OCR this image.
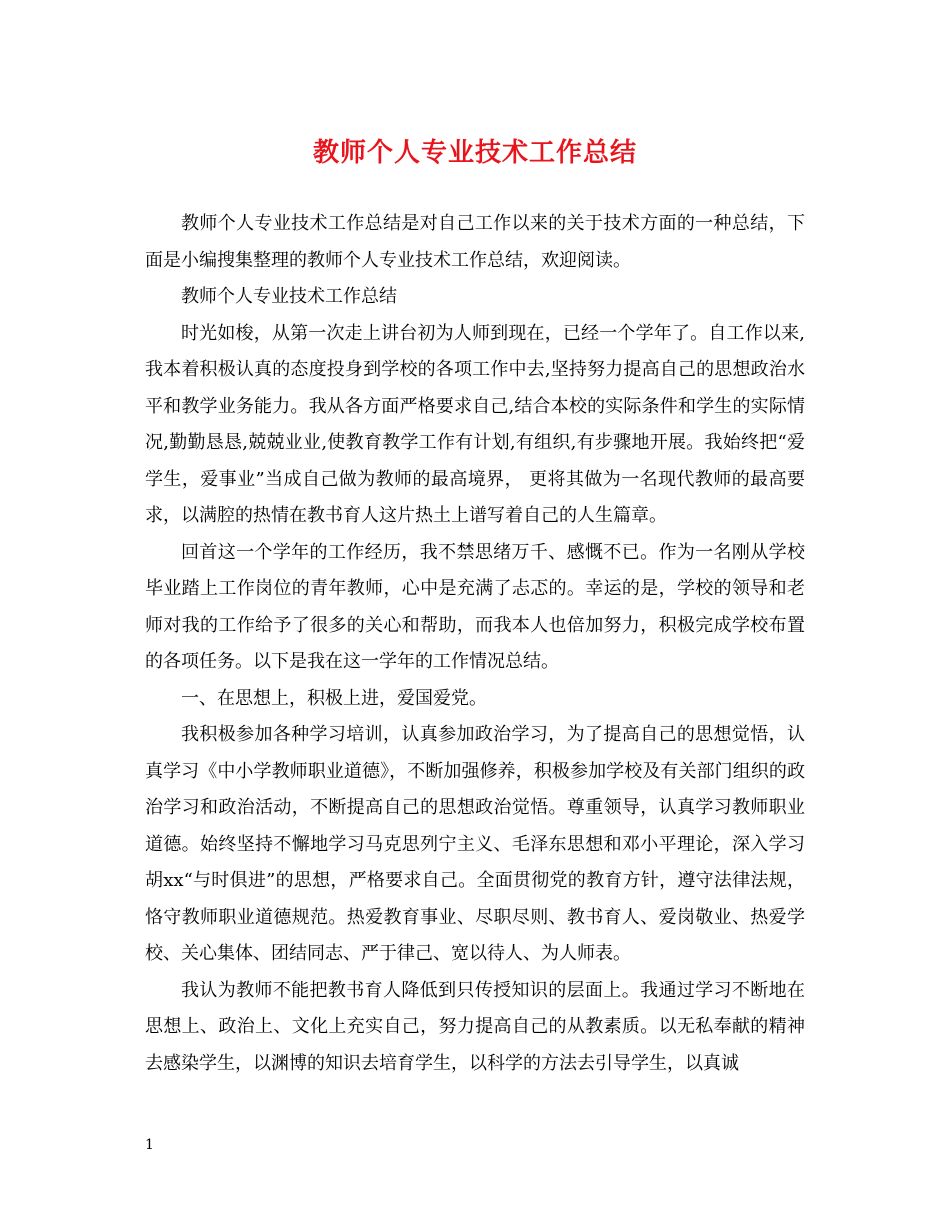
教师个人专业技术工作总结

教师个人专业技术工作总结是对自己工作以来的关于技术方面的一种总结，下面是小编搜集整理的教师个人专业技术工作总结，欢迎阅读。

教师个人专业技术工作总结

时光如梭，从第一次走上讲台初为人师到现在，已经一个学年了。自工作以来,我本着积极认真的态度投身到学校的各项工作中去,坚持努力提高自己的思想政治水平和教学业务能力。我从各方面严格要求自己,结合本校的实际条件和学生的实际情况,勤勤恳恳,兢兢业业,使教育教学工作有计划,有组织,有步骤地开展。我始终把“爱学生，爱事业”当成自己做为教师的最高境界， 更将其做为一名现代教师的最高要求，以满腔的热情在教书育人这片热土上谱写着自己的人生篇章。

回首这一个学年的工作经历，我不禁思绪万千、感慨不已。作为一名刚从学校毕业踏上工作岗位的青年教师，心中是充满了忐忑的。幸运的是，学校的领导和老师对我的工作给予了很多的关心和帮助，而我本人也倍加努力，积极完成学校布置的各项任务。以下是我在这一学年的工作情况总结。

一、在思想上，积极上进，爱国爱党。

我积极参加各种学习培训，认真参加政治学习，为了提高自己的思想觉悟，认真学习《中小学教师职业道德》，不断加强修养，积极参加学校及有关部门组织的政治学习和政治活动，不断提高自己的思想政治觉悟。尊重领导，认真学习教师职业道德。始终坚持不懈地学习马克思列宁主义、毛泽东思想和邓小平理论，深入学习胡xx“与时俱进”的思想，严格要求自己。全面贯彻党的教育方针，遵守法律法规，恪守教师职业道德规范。热爱教育事业、尽职尽则、教书育人、爱岗敬业、热爱学校、关心集体、团结同志、严于律己、宽以待人、为人师表。

我认为教师不能把教书育人降低到只传授知识的层面上。我通过学习不断地在思想上、政治上、文化上充实自己，努力提高自己的从教素质。以无私奉献的精神去感染学生，以渊博的知识去培育学生，以科学的方法去引导学生，以真诚

1
